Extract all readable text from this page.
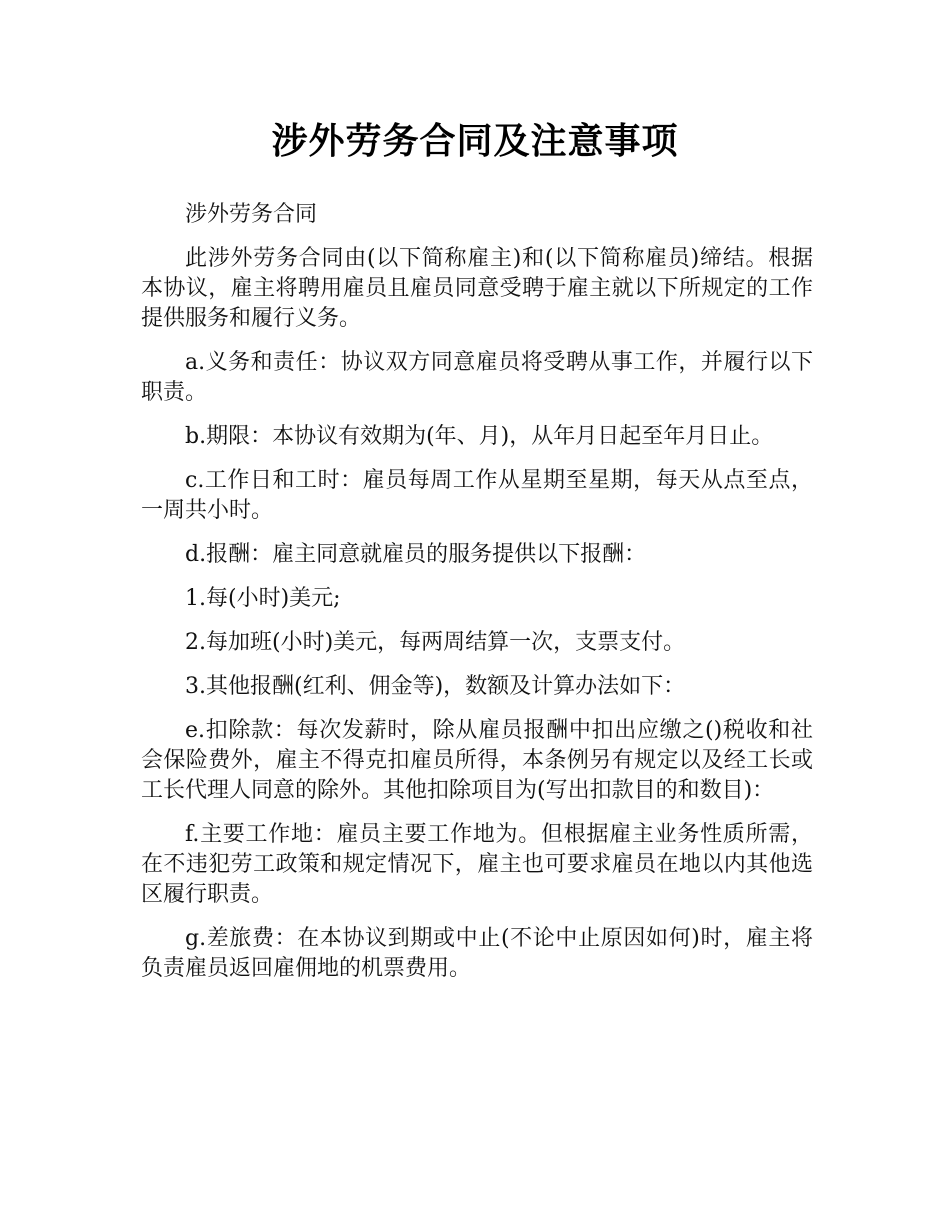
涉外劳务合同及注意事项

涉外劳务合同

此涉外劳务合同由(以下简称雇主)和(以下简称雇员)缔结。根据本协议，雇主将聘用雇员且雇员同意受聘于雇主就以下所规定的工作提供服务和履行义务。

a.义务和责任：协议双方同意雇员将受聘从事工作，并履行以下职责。

b.期限：本协议有效期为(年、月)，从年月日起至年月日止。

c.工作日和工时：雇员每周工作从星期至星期，每天从点至点，一周共小时。

d.报酬：雇主同意就雇员的服务提供以下报酬：

1.每(小时)美元;

2.每加班(小时)美元，每两周结算一次，支票支付。

3.其他报酬(红利、佣金等)，数额及计算办法如下：

e.扣除款：每次发薪时，除从雇员报酬中扣出应缴之()税收和社会保险费外，雇主不得克扣雇员所得，本条例另有规定以及经工长或工长代理人同意的除外。其他扣除项目为(写出扣款目的和数目)：

f.主要工作地：雇员主要工作地为。但根据雇主业务性质所需，在不违犯劳工政策和规定情况下，雇主也可要求雇员在地以内其他选区履行职责。

g.差旅费：在本协议到期或中止(不论中止原因如何)时，雇主将负责雇员返回雇佣地的机票费用。
